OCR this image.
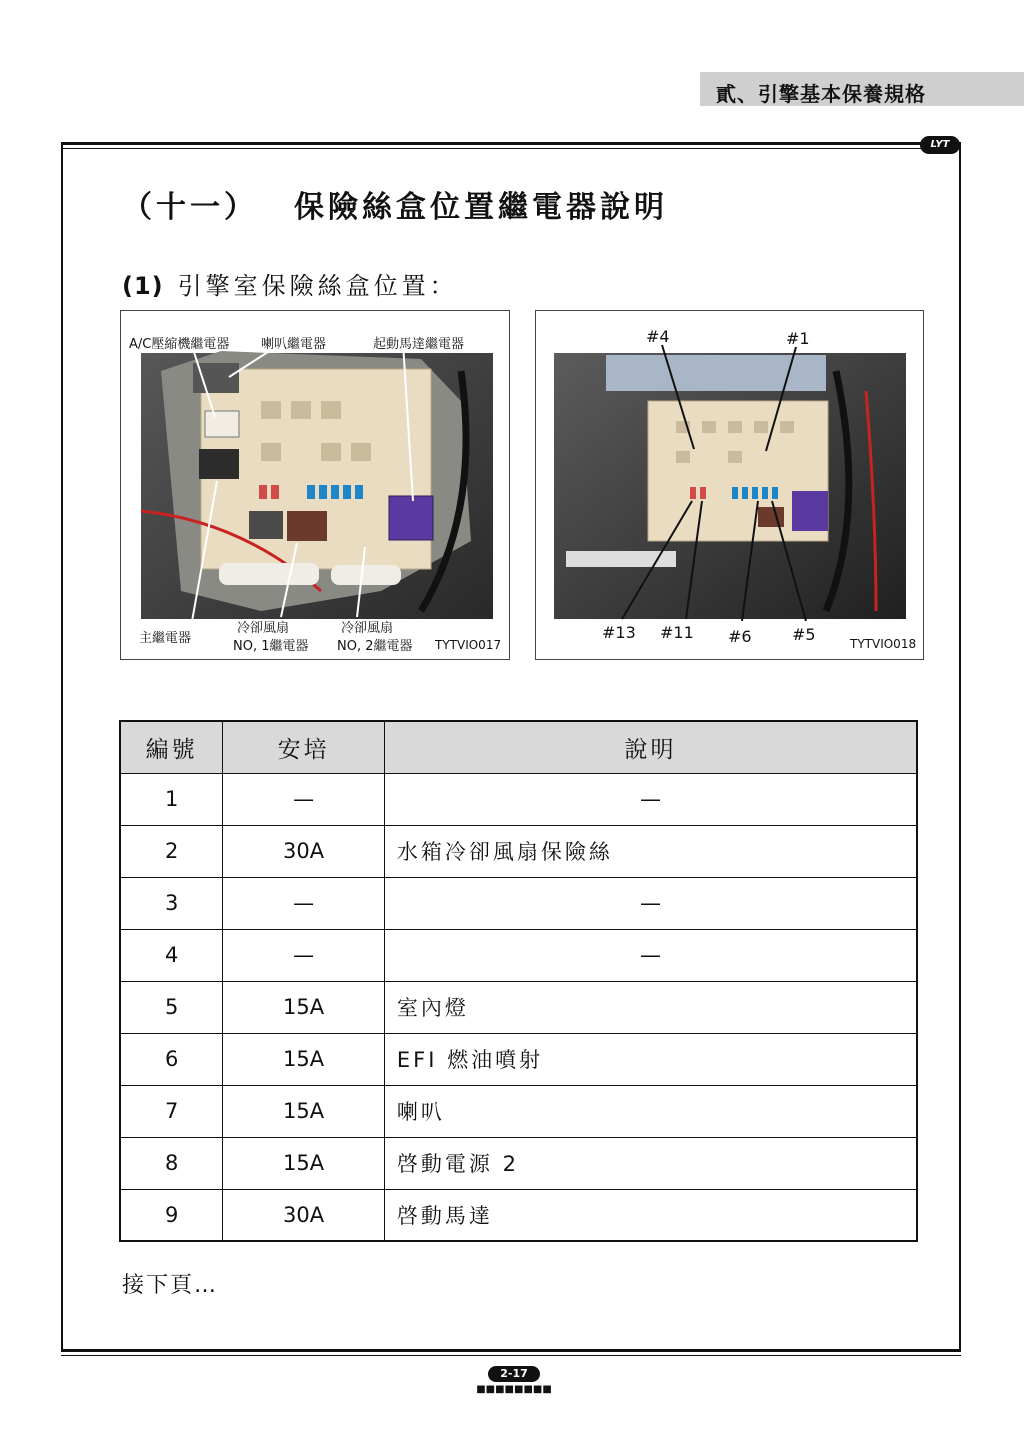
貳、引擎基本保養規格
LYT
（十一） 保險絲盒位置繼電器說明
(1) 引擎室保險絲盒位置：
A/C壓縮機繼電器 喇叭繼電器	起動馬達繼電器
主繼電器
冷卻風扇
NO, 1繼電器
冷卻風扇
NO, 2繼電器 TYTVIO017
#4	#1
#13 #11 #6	#5	TYTVIO018
編號	安培	說明
1	—	—
2	30A	水箱冷卻風扇保險絲
3	—	—
4	—	—
5	15A	室內燈
6	15A	EFI 燃油噴射
7	15A	喇叭
8	15A	啓動電源 2
9	30A	啓動馬達
接下頁…
2-17
■■■■■■■■
